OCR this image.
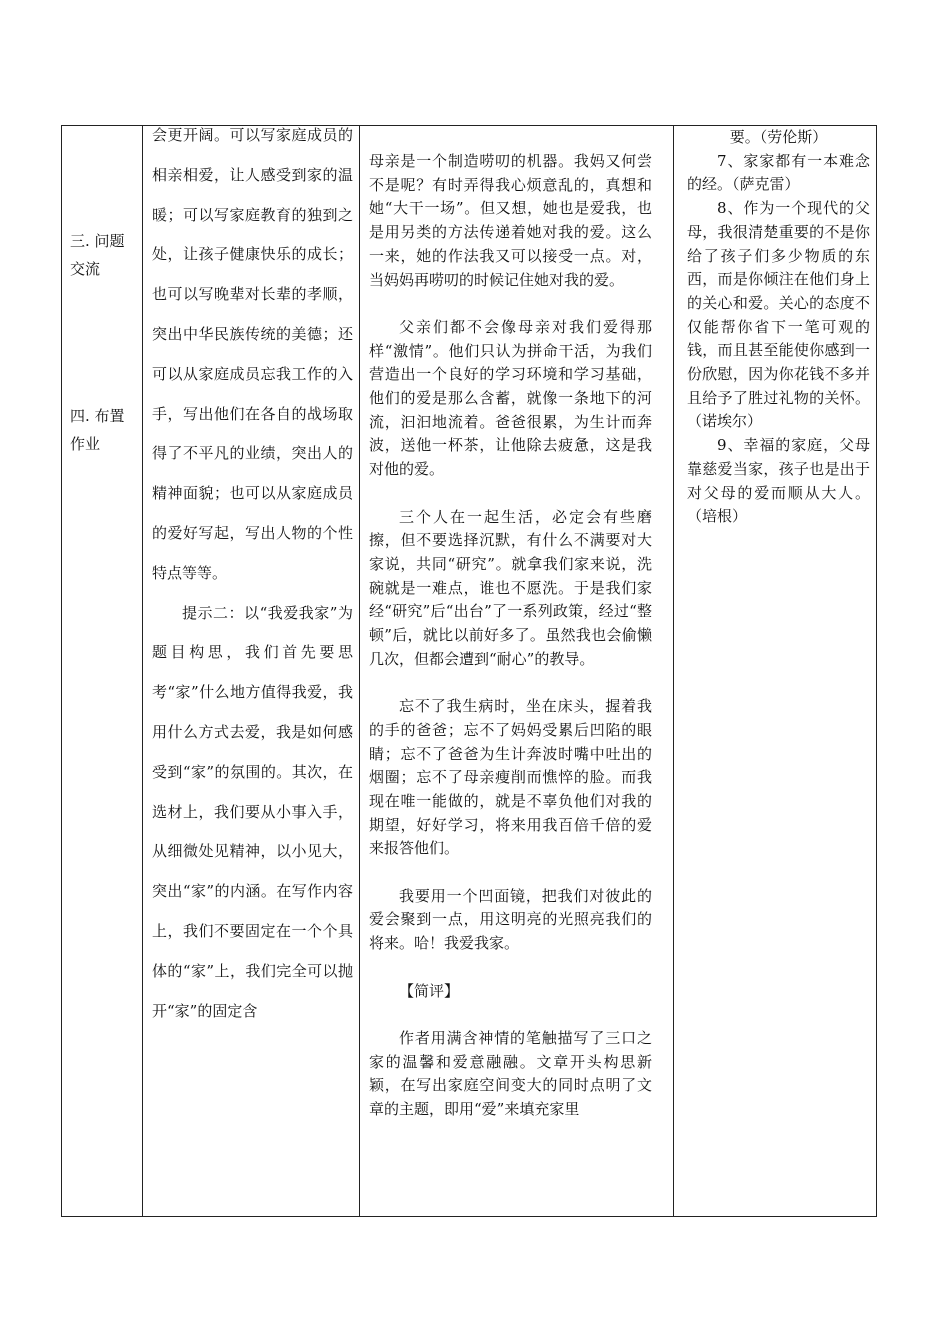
三. 问题交流
四. 布置作业

会更开阔。可以写家庭成员的相亲相爱，让人感受到家的温暖；可以写家庭教育的独到之处，让孩子健康快乐的成长；也可以写晚辈对长辈的孝顺，突出中华民族传统的美德；还可以从家庭成员忘我工作的入手，写出他们在各自的战场取得了不平凡的业绩，突出人的精神面貌；也可以从家庭成员的爱好写起，写出人物的个性特点等等。

提示二：以“我爱我家”为题目构思，我们首先要思考“家”什么地方值得我爱，我用什么方式去爱，我是如何感受到“家”的氛围的。其次，在选材上，我们要从小事入手，从细微处见精神，以小见大，突出“家”的内涵。在写作内容上，我们不要固定在一个个具体的“家”上，我们完全可以抛开“家”的固定含

母亲是一个制造唠叨的机器。我妈又何尝不是呢？有时弄得我心烦意乱的，真想和她“大干一场”。但又想，她也是爱我，也是用另类的方法传递着她对我的爱。这么一来，她的作法我又可以接受一点。对，当妈妈再唠叨的时候记住她对我的爱。

父亲们都不会像母亲对我们爱得那样“激情”。他们只认为拼命干活，为我们营造出一个良好的学习环境和学习基础，他们的爱是那么含蓄，就像一条地下的河流，汩汩地流着。爸爸很累，为生计而奔波，送他一杯茶，让他除去疲惫，这是我对他的爱。

三个人在一起生活，必定会有些磨擦，但不要选择沉默，有什么不满要对大家说，共同“研究”。就拿我们家来说，洗碗就是一难点，谁也不愿洗。于是我们家经“研究”后“出台”了一系列政策，经过“整顿”后，就比以前好多了。虽然我也会偷懒几次，但都会遭到“耐心”的教导。

忘不了我生病时，坐在床头，握着我的手的爸爸；忘不了妈妈受累后凹陷的眼睛；忘不了爸爸为生计奔波时嘴中吐出的烟圈；忘不了母亲瘦削而憔悴的脸。而我现在唯一能做的，就是不辜负他们对我的期望，好好学习，将来用我百倍千倍的爱来报答他们。

我要用一个凹面镜，把我们对彼此的爱会聚到一点，用这明亮的光照亮我们的将来。哈！我爱我家。

【简评】

作者用满含神情的笔触描写了三口之家的温馨和爱意融融。文章开头构思新颖，在写出家庭空间变大的同时点明了文章的主题，即用“爱”来填充家里

要。（劳伦斯）

7、家家都有一本难念的经。（萨克雷）

8、作为一个现代的父母，我很清楚重要的不是你给了孩子们多少物质的东西，而是你倾注在他们身上的关心和爱。关心的态度不仅能帮你省下一笔可观的钱，而且甚至能使你感到一份欣慰，因为你花钱不多并且给予了胜过礼物的关怀。（诺埃尔）

9、幸福的家庭，父母靠慈爱当家，孩子也是出于对父母的爱而顺从大人。（培根）
